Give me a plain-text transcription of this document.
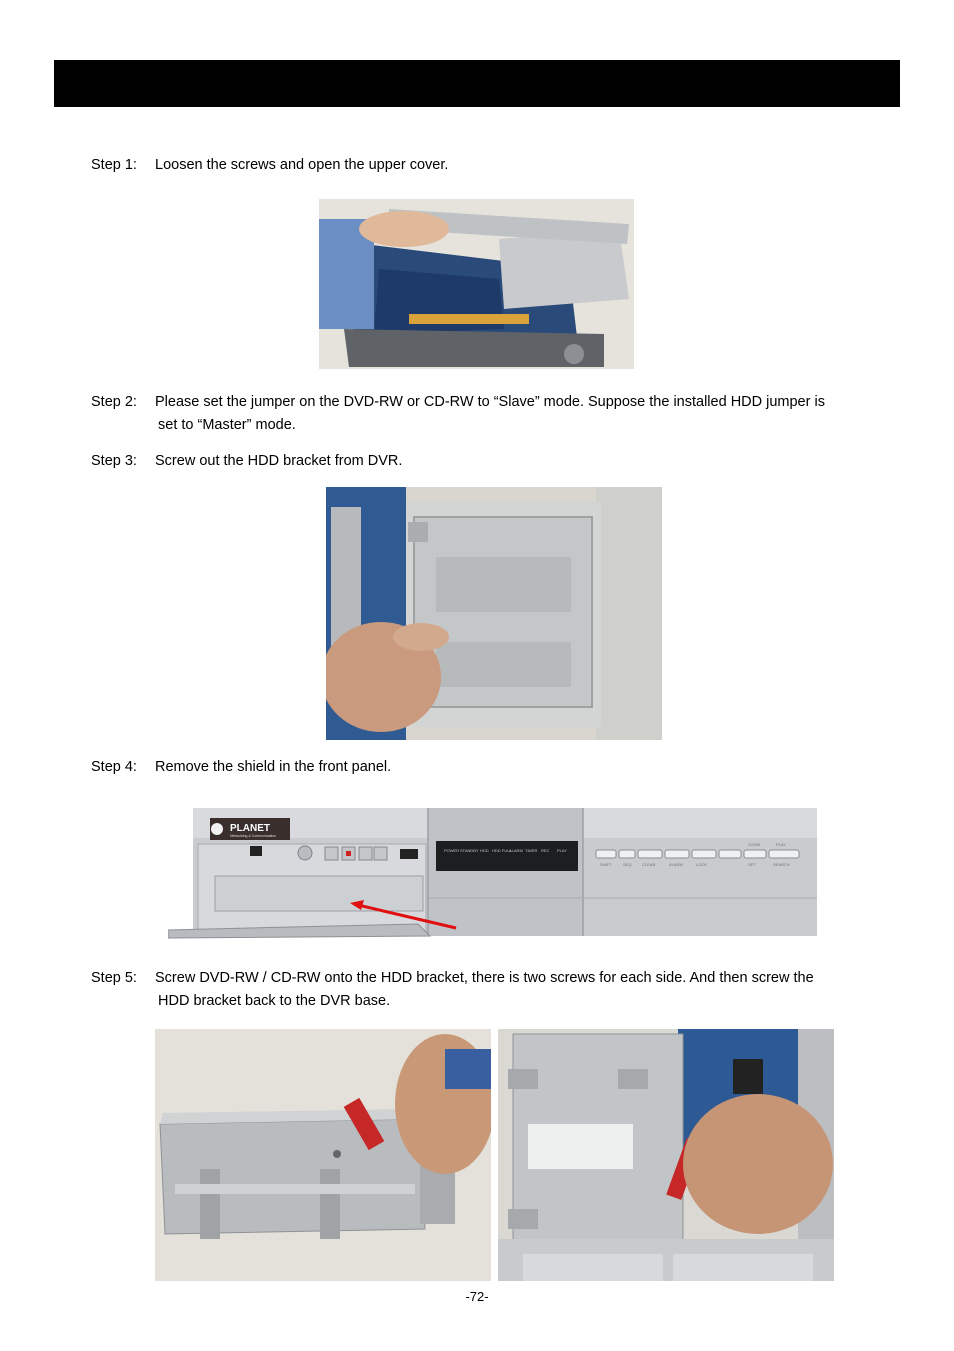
Step 1: Loosen the screws and open the upper cover.
Step 2: Please set the jumper on the DVD-RW or CD-RW to “Slave” mode. Suppose the installed HDD jumper is
set to “Master” mode.
Step 3: Screw out the HDD bracket from DVR.
Step 4: Remove the shield in the front panel.
PLANET
Networking & Communication
POWER STANDBY HDD HDD FULL
ALARM TIMER REC PLAY
ZOOM	PLAY
SHIFT	SEQ	CLEAR	ALARM	LOCK	SET	SEARCH
Step 5: Screw DVD-RW / CD-RW onto the HDD bracket, there is two screws for each side. And then screw the
HDD bracket back to the DVR base.
-72-
